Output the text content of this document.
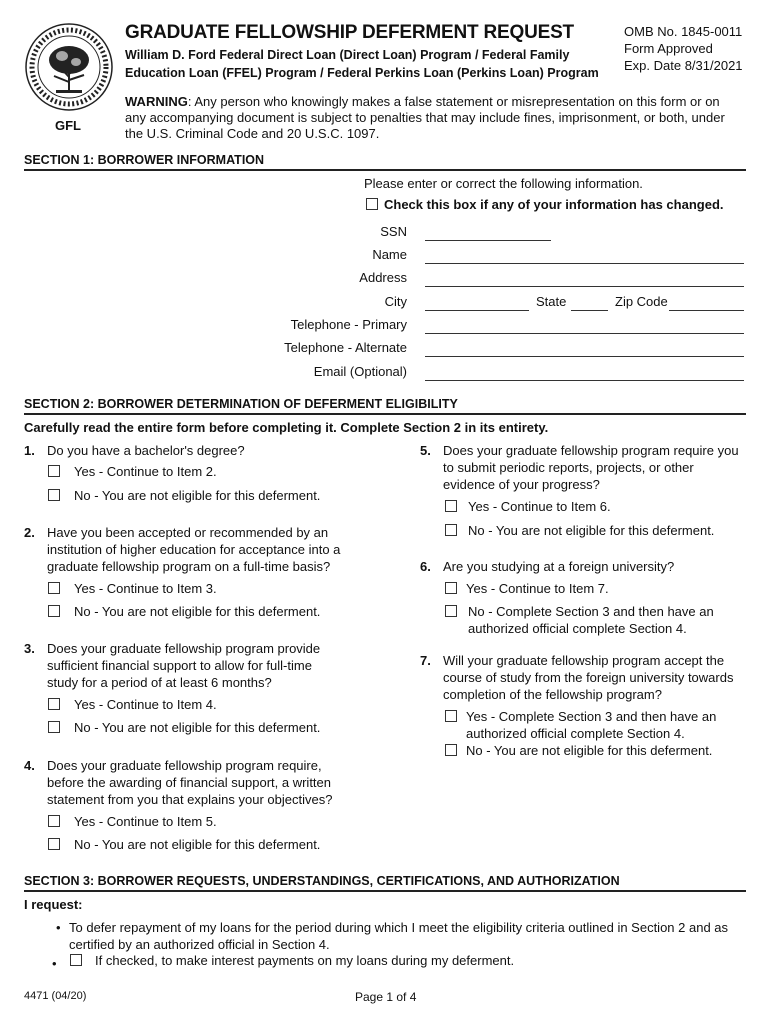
GFL
GRADUATE FELLOWSHIP DEFERMENT REQUEST
William D. Ford Federal Direct Loan (Direct Loan) Program / Federal Family
Education Loan (FFEL) Program / Federal Perkins Loan (Perkins Loan) Program
OMB No. 1845-0011
Form Approved
Exp. Date 8/31/2021
WARNING: Any person who knowingly makes a false statement or misrepresentation on this form or on
any accompanying document is subject to penalties that may include fines, imprisonment, or both, under
the U.S. Criminal Code and 20 U.S.C. 1097.
SECTION 1: BORROWER INFORMATION
Please enter or correct the following information.
Check this box if any of your information has changed.
SSN
Name
Address
City	State	Zip Code
Telephone - Primary
Telephone - Alternate
Email (Optional)
SECTION 2: BORROWER DETERMINATION OF DEFERMENT ELIGIBILITY
Carefully read the entire form before completing it. Complete Section 2 in its entirety.
1. Do you have a bachelor's degree?
Yes - Continue to Item 2.
No - You are not eligible for this deferment.
2. Have you been accepted or recommended by an
institution of higher education for acceptance into a
graduate fellowship program on a full-time basis?
Yes - Continue to Item 3.
No - You are not eligible for this deferment.
3. Does your graduate fellowship program provide
sufficient financial support to allow for full-time
study for a period of at least 6 months?
Yes - Continue to Item 4.
No - You are not eligible for this deferment.
4. Does your graduate fellowship program require,
before the awarding of financial support, a written
statement from you that explains your objectives?
Yes - Continue to Item 5.
No - You are not eligible for this deferment.
5. Does your graduate fellowship program require you
to submit periodic reports, projects, or other
evidence of your progress?
Yes - Continue to Item 6.
No - You are not eligible for this deferment.
6. Are you studying at a foreign university?
Yes - Continue to Item 7.
No - Complete Section 3 and then have an
authorized official complete Section 4.
7. Will your graduate fellowship program accept the
course of study from the foreign university towards
completion of the fellowship program?
Yes - Complete Section 3 and then have an
authorized official complete Section 4.
No - You are not eligible for this deferment.
SECTION 3: BORROWER REQUESTS, UNDERSTANDINGS, CERTIFICATIONS, AND AUTHORIZATION
I request:
• To defer repayment of my loans for the period during which I meet the eligibility criteria outlined in Section 2 and as
certified by an authorized official in Section 4.
•	If checked, to make interest payments on my loans during my deferment.
4471 (04/20)	Page 1 of 4
